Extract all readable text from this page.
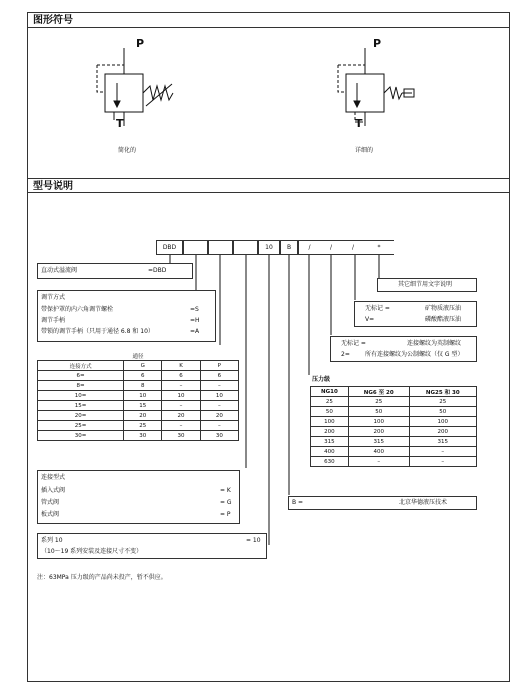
图形符号
型号说明
P
T
P
T
简化的	详细的
DBD	10	B	/	/	/	*
直动式溢流阀	=DBD
调节方式
带保护罩的内六角调节螺栓	=S
调节手柄	=H
带锁的调节手柄（只用于通径 6.8 和 10）	=A
通径			
连接方式	G	K	P
6=	6	6	6
8=	8	–	–
10=	10	10	10
15=	15	–	–
20=	20	20	20
25=	25	–	–
30=	30	30	30
连接型式
插入式阀	= K
管式阀	= G
板式阀	= P
系列 10	= 10
（10～19 系列安装及连接尺寸不变）
注：63MPa 压力级的产品尚未投产，暂不供应。
其它细节用文字说明
无标记 =	矿物质液压油
V=	磷酸酯液压油
无标记 =	连接螺纹为英制螺纹
2=	所有连接螺纹为公制螺纹（仅 G 型）
压力级
NG10	NG6 至 20	NG25 和 30
25	25	25
50	50	50
100	100	100
200	200	200
315	315	315
400	400	–
630	–	–
B =	北京华德液压技术
